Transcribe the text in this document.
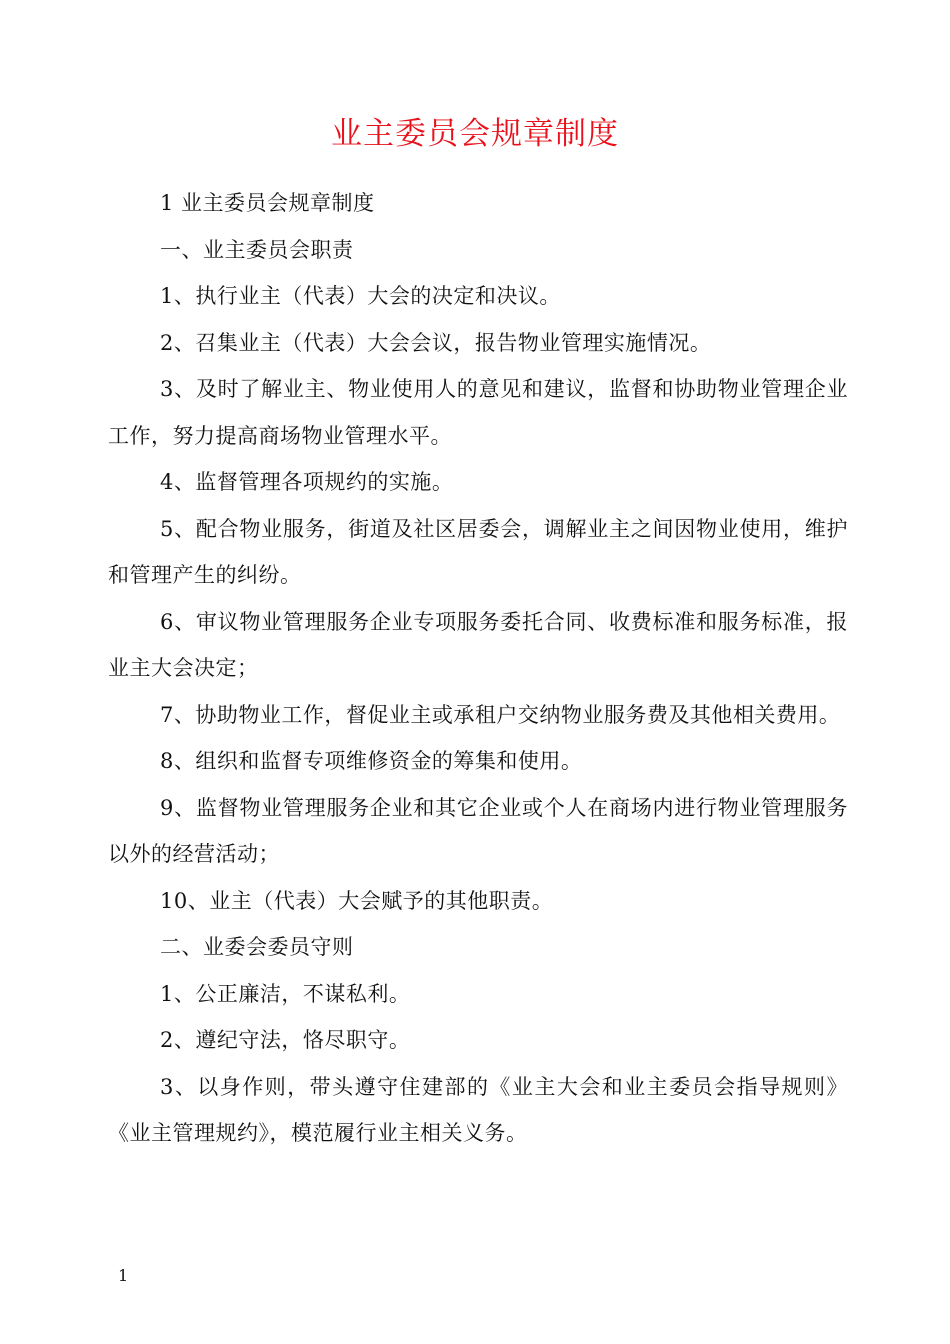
业主委员会规章制度

1 业主委员会规章制度

一、业主委员会职责

1、执行业主（代表）大会的决定和决议。

2、召集业主（代表）大会会议，报告物业管理实施情况。

3、及时了解业主、物业使用人的意见和建议，监督和协助物业管理企业工作，努力提高商场物业管理水平。

4、监督管理各项规约的实施。

5、配合物业服务，街道及社区居委会，调解业主之间因物业使用，维护和管理产生的纠纷。

6、审议物业管理服务企业专项服务委托合同、收费标准和服务标准，报业主大会决定；

7、协助物业工作，督促业主或承租户交纳物业服务费及其他相关费用。

8、组织和监督专项维修资金的筹集和使用。

9、监督物业管理服务企业和其它企业或个人在商场内进行物业管理服务以外的经营活动；

10、业主（代表）大会赋予的其他职责。

二、业委会委员守则

1、公正廉洁，不谋私利。

2、遵纪守法，恪尽职守。

3、以身作则，带头遵守住建部的《业主大会和业主委员会指导规则》《业主管理规约》，模范履行业主相关义务。

1
